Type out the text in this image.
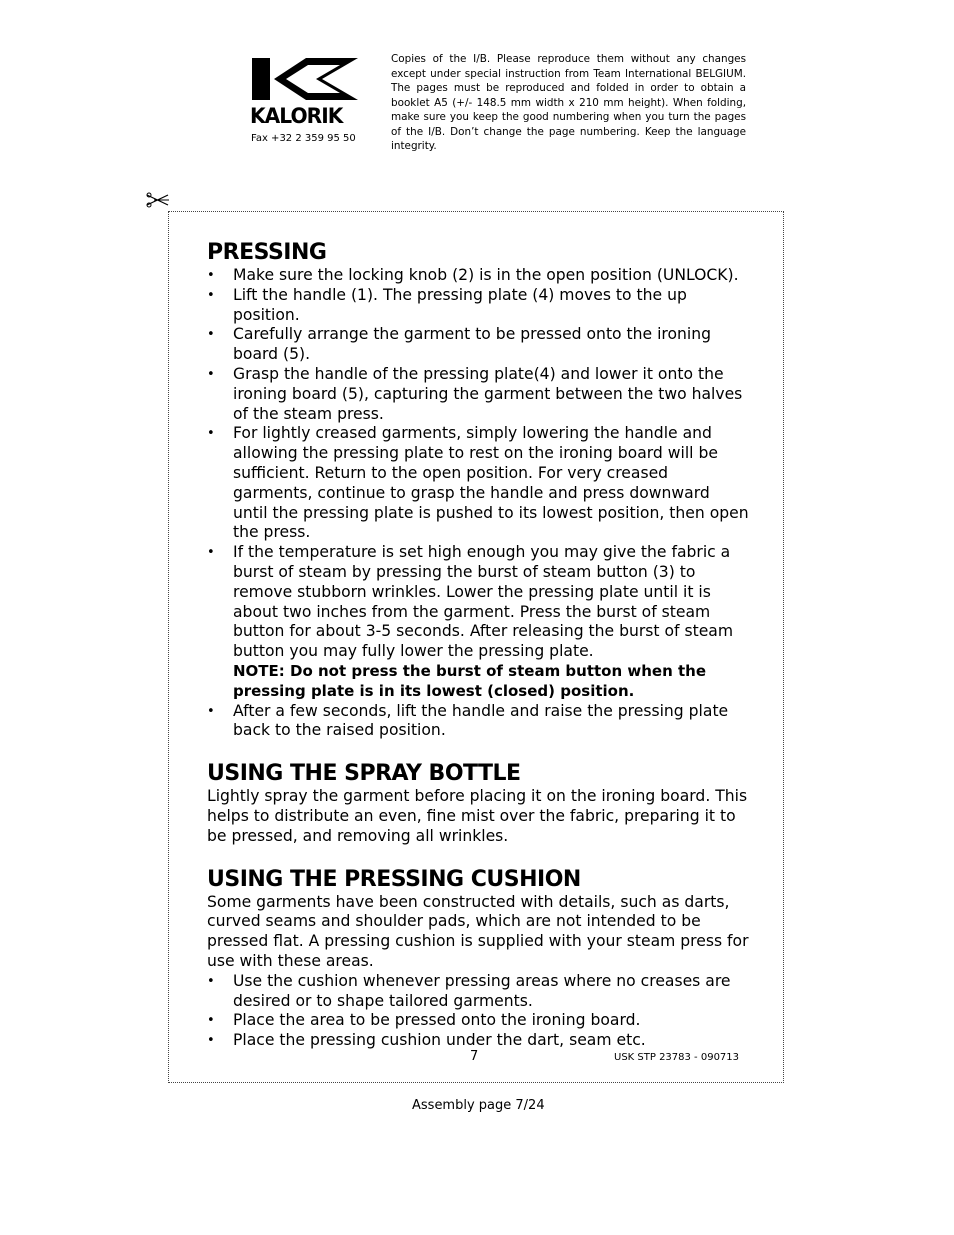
KALORIK
Fax +32 2 359 95 50
Copies of the I/B. Please reproduce them without any changes except under special instruction from Team International BELGIUM. The pages must be reproduced and folded in order to obtain a booklet A5 (+/- 148.5 mm width x 210 mm height). When folding, make sure you keep the good numbering when you turn the pages of the I/B. Don’t change the page numbering. Keep the language integrity.
PRESSING
• Make sure the locking knob (2) is in the open position (UNLOCK).
• Lift the handle (1). The pressing plate (4) moves to the up position.
• Carefully arrange the garment to be pressed onto the ironing board (5).
• Grasp the handle of the pressing plate(4) and lower it onto the ironing board (5), capturing the garment between the two halves of the steam press.
• For lightly creased garments, simply lowering the handle and allowing the pressing plate to rest on the ironing board will be sufficient. Return to the open position. For very creased garments, continue to grasp the handle and press downward until the pressing plate is pushed to its lowest position, then open the press.
• If the temperature is set high enough you may give the fabric a burst of steam by pressing the burst of steam button (3) to remove stubborn wrinkles. Lower the pressing plate until it is about two inches from the garment. Press the burst of steam button for about 3-5 seconds. After releasing the burst of steam button you may fully lower the pressing plate.
NOTE: Do not press the burst of steam button when the pressing plate is in its lowest (closed) position.
• After a few seconds, lift the handle and raise the pressing plate back to the raised position.
USING THE SPRAY BOTTLE

Lightly spray the garment before placing it on the ironing board. This helps to distribute an even, fine mist over the fabric, preparing it to be pressed, and removing all wrinkles.

USING THE PRESSING CUSHION

Some garments have been constructed with details, such as darts, curved seams and shoulder pads, which are not intended to be pressed flat. A pressing cushion is supplied with your steam press for use with these areas.

• Use the cushion whenever pressing areas where no creases are desired or to shape tailored garments.
• Place the area to be pressed onto the ironing board.
• Place the pressing cushion under the dart, seam etc.
7	USK STP 23783 - 090713
Assembly page 7/24
